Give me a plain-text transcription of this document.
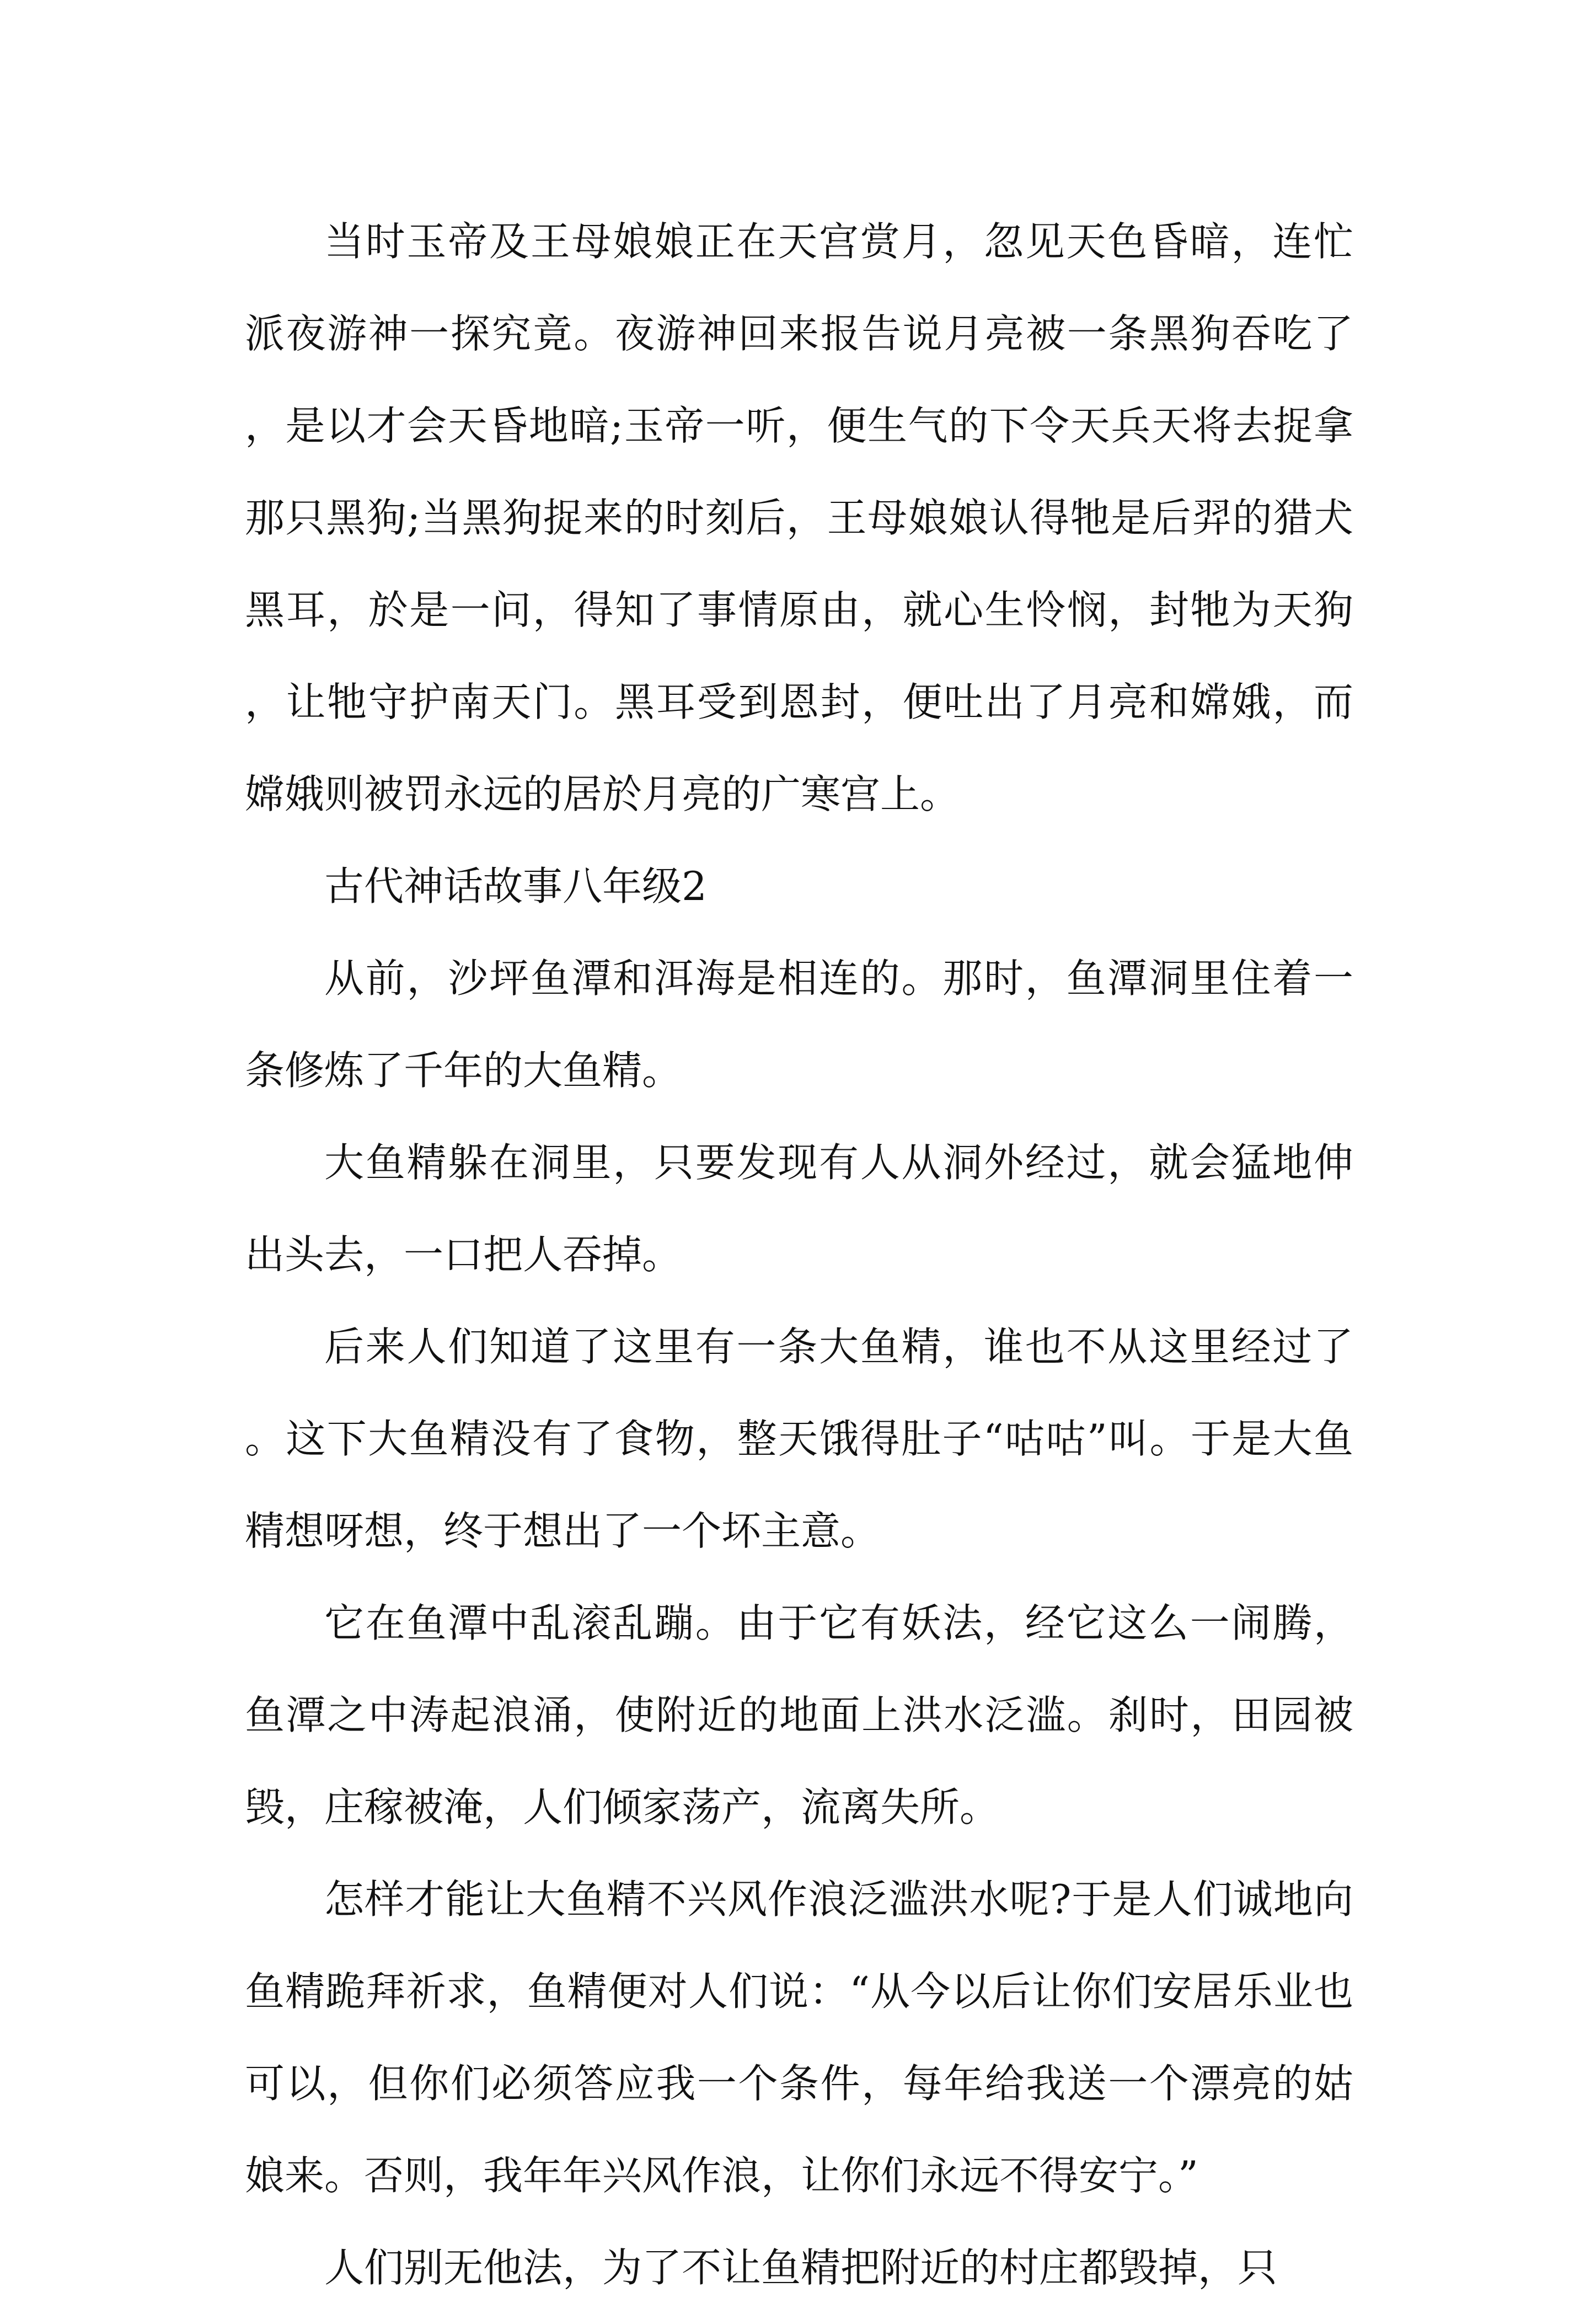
当时玉帝及王母娘娘正在天宫赏月，忽见天色昏暗，连忙派夜游神一探究竟。夜游神回来报告说月亮被一条黑狗吞吃了，是以才会天昏地暗;玉帝一听，便生气的下令天兵天将去捉拿那只黑狗;当黑狗捉来的时刻后，王母娘娘认得牠是后羿的猎犬黑耳，於是一问，得知了事情原由，就心生怜悯，封牠为天狗，让牠守护南天门。黑耳受到恩封，便吐出了月亮和嫦娥，而嫦娥则被罚永远的居於月亮的广寒宫上。

古代神话故事八年级2

从前，沙坪鱼潭和洱海是相连的。那时，鱼潭洞里住着一条修炼了千年的大鱼精。

大鱼精躲在洞里，只要发现有人从洞外经过，就会猛地伸出头去，一口把人吞掉。

后来人们知道了这里有一条大鱼精，谁也不从这里经过了。这下大鱼精没有了食物，整天饿得肚子“咕咕”叫。于是大鱼精想呀想，终于想出了一个坏主意。

它在鱼潭中乱滚乱蹦。由于它有妖法，经它这么一闹腾，鱼潭之中涛起浪涌，使附近的地面上洪水泛滥。刹时，田园被毁，庄稼被淹，人们倾家荡产，流离失所。

怎样才能让大鱼精不兴风作浪泛滥洪水呢?于是人们诚地向鱼精跪拜祈求，鱼精便对人们说：“从今以后让你们安居乐业也可以，但你们必须答应我一个条件，每年给我送一个漂亮的姑娘来。否则，我年年兴风作浪，让你们永远不得安宁。”

人们别无他法，为了不让鱼精把附近的村庄都毁掉，只
